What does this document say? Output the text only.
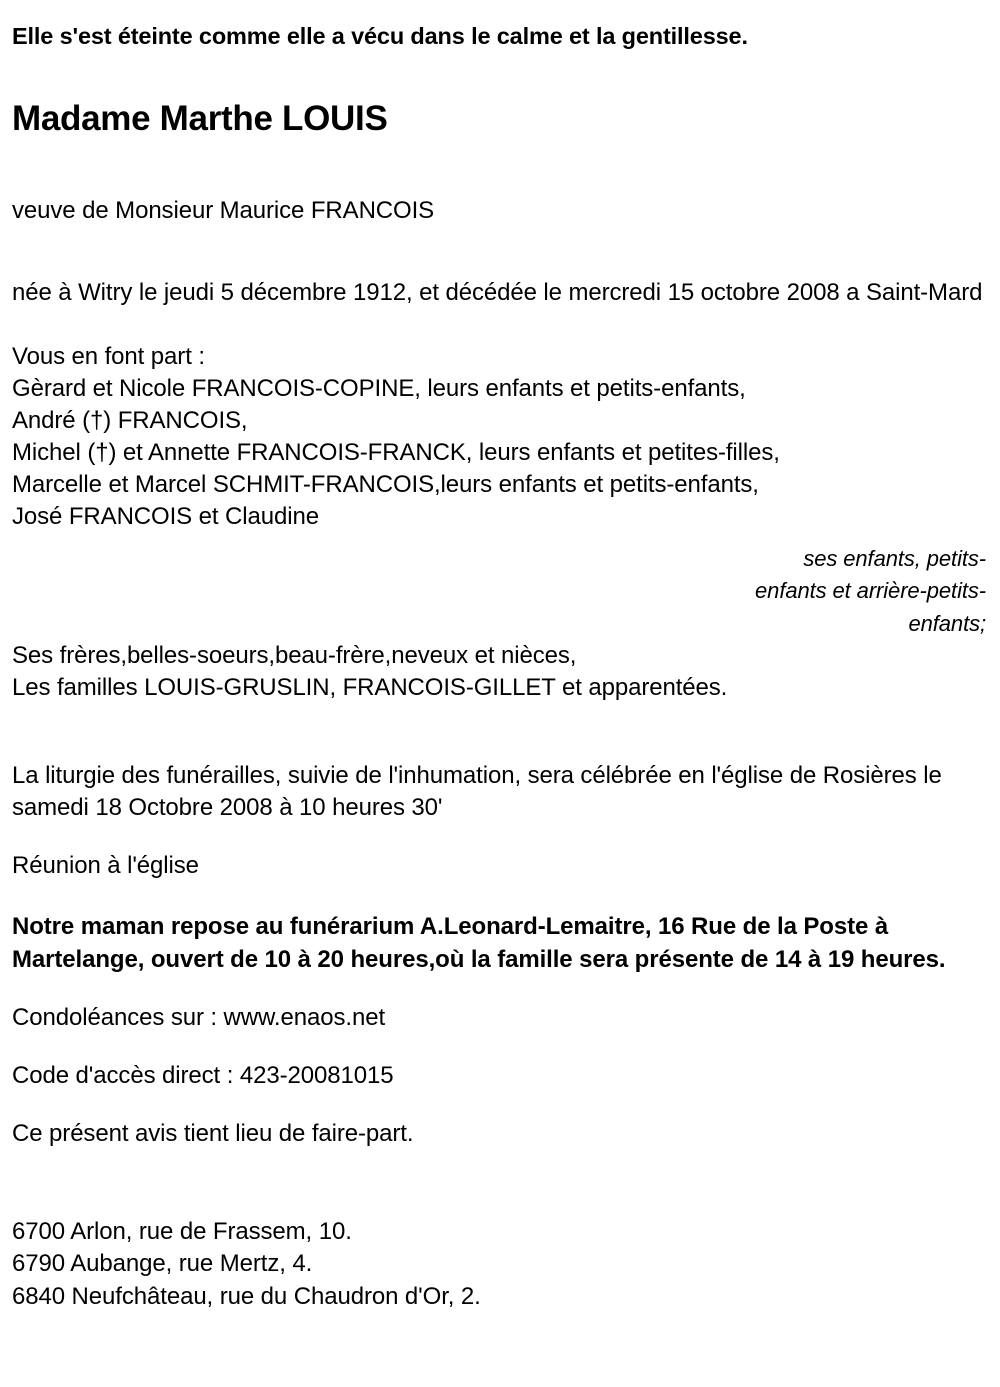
Elle s'est éteinte comme elle a vécu dans le calme et la gentillesse.

Madame Marthe LOUIS

veuve de Monsieur Maurice FRANCOIS

née à Witry le jeudi 5 décembre 1912, et décédée le mercredi 15 octobre 2008 a Saint-Mard

Vous en font part :

Gèrard et Nicole FRANCOIS-COPINE, leurs enfants et petits-enfants,
André (†) FRANCOIS,
Michel (†) et Annette FRANCOIS-FRANCK, leurs enfants et petites-filles,
Marcelle et Marcel SCHMIT-FRANCOIS,leurs enfants et petits-enfants,
José FRANCOIS et Claudine

ses enfants, petits-enfants et arrière-petits-enfants;

Ses frères,belles-soeurs,beau-frère,neveux et nièces,
Les familles LOUIS-GRUSLIN, FRANCOIS-GILLET et apparentées.

La liturgie des funérailles, suivie de l'inhumation, sera célébrée en l'église de Rosières le samedi 18 Octobre 2008 à 10 heures 30'

Réunion à l'église

Notre maman repose au funérarium A.Leonard-Lemaitre, 16 Rue de la Poste à Martelange, ouvert de 10 à 20 heures,où la famille sera présente de 14 à 19 heures.

Condoléances sur : www.enaos.net

Code d'accès direct : 423-20081015

Ce présent avis tient lieu de faire-part.

6700 Arlon, rue de Frassem, 10.
6790 Aubange, rue Mertz, 4.
6840 Neufchâteau, rue du Chaudron d'Or, 2.
